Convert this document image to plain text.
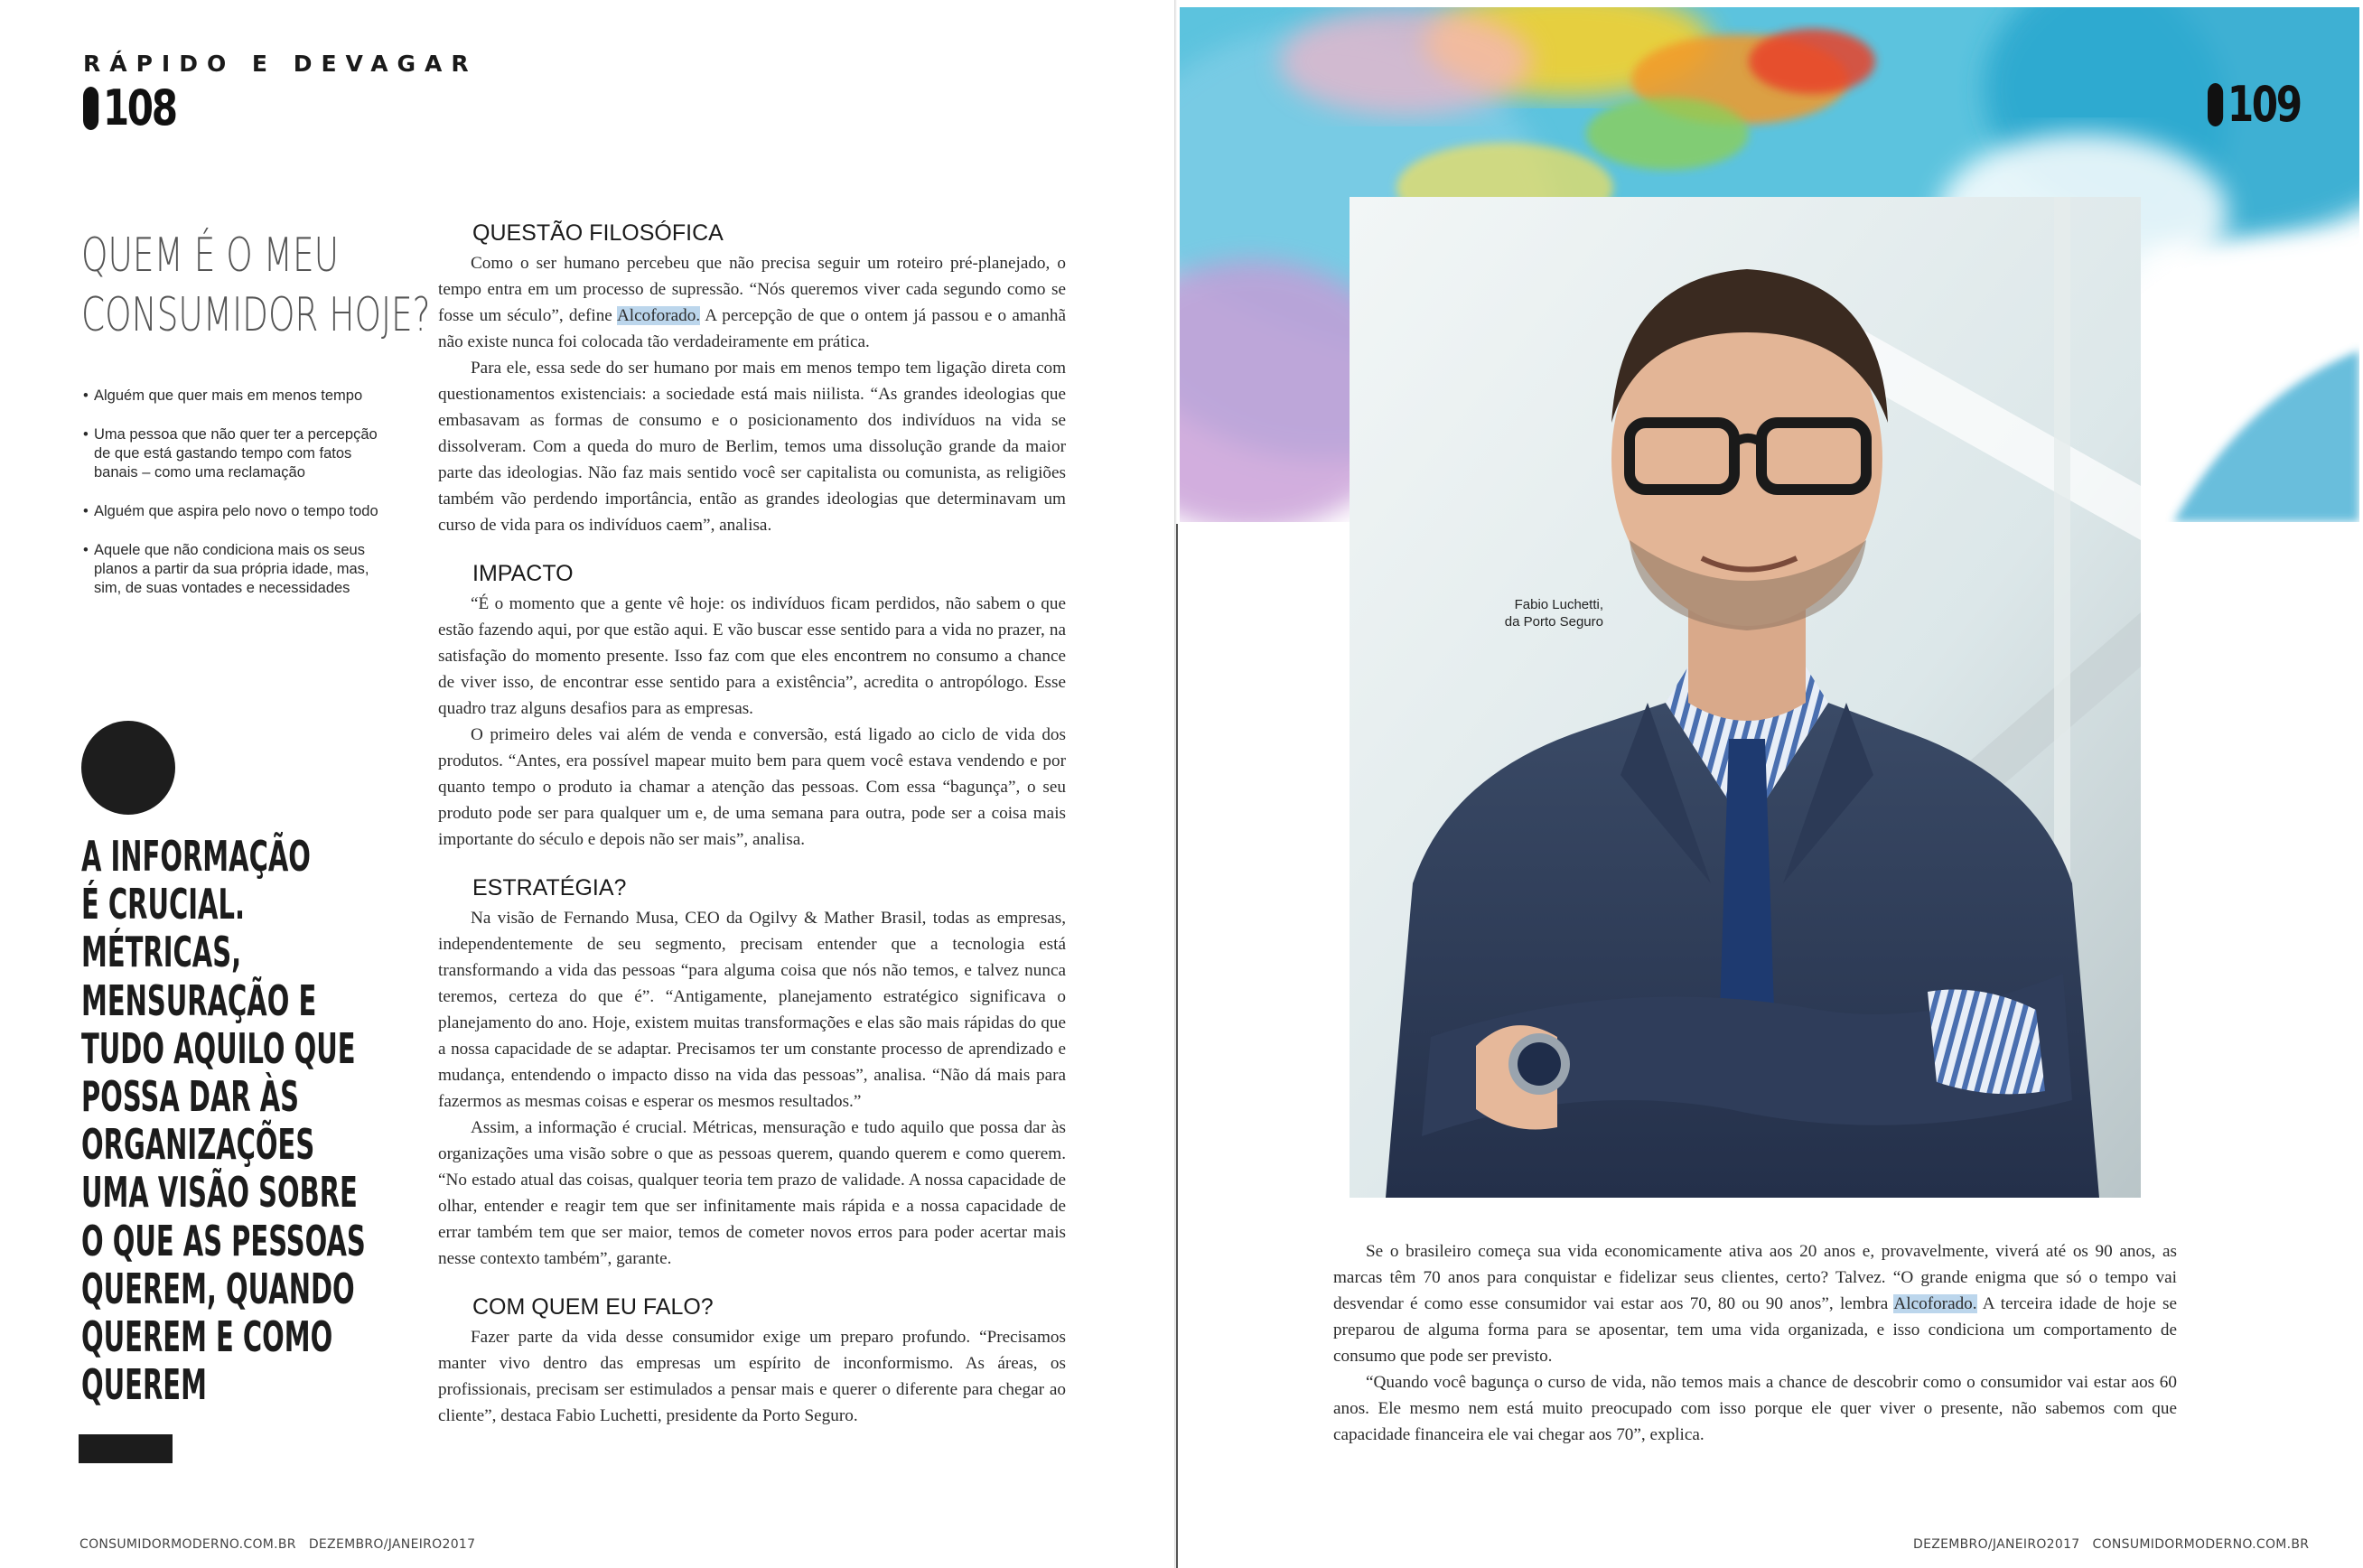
RÁPIDO E DEVAGAR
108
QUEM É O MEU
CONSUMIDOR HOJE?
• Alguém que quer mais em menos tempo
• Uma pessoa que não quer ter a percepção de que está gastando tempo com fatos banais – como uma reclamação
• Alguém que aspira pelo novo o tempo todo
• Aquele que não condiciona mais os seus planos a partir da sua própria idade, mas, sim, de suas vontades e necessidades
A INFORMAÇÃO
É CRUCIAL.
MÉTRICAS,
MENSURAÇÃO E
TUDO AQUILO QUE
POSSA DAR ÀS
ORGANIZAÇÕES
UMA VISÃO SOBRE
O QUE AS PESSOAS
QUEREM, QUANDO
QUEREM E COMO
QUEREM
QUESTÃO FILOSÓFICA

Como o ser humano percebeu que não precisa seguir um roteiro pré-planejado, o tempo entra em um processo de supressão. “Nós queremos viver cada segundo como se fosse um século”, define Alcoforado. A percepção de que o ontem já passou e o amanhã não existe nunca foi colocada tão verdadeiramente em prática.

Para ele, essa sede do ser humano por mais em menos tempo tem ligação direta com questionamentos existenciais: a sociedade está mais niilista. “As grandes ideologias que embasavam as formas de consumo e o posicionamento dos indivíduos na vida se dissolveram. Com a queda do muro de Berlim, temos uma dissolução grande da maior parte das ideologias. Não faz mais sentido você ser capitalista ou comunista, as religiões também vão perdendo importância, então as grandes ideologias que determinavam um curso de vida para os indivíduos caem”, analisa.

IMPACTO

“É o momento que a gente vê hoje: os indivíduos ficam perdidos, não sabem o que estão fazendo aqui, por que estão aqui. E vão buscar esse sentido para a vida no prazer, na satisfação do momento presente. Isso faz com que eles encontrem no consumo a chance de viver isso, de encontrar esse sentido para a existência”, acredita o antropólogo. Esse quadro traz alguns desafios para as empresas.

O primeiro deles vai além de venda e conversão, está ligado ao ciclo de vida dos produtos. “Antes, era possível mapear muito bem para quem você estava vendendo e por quanto tempo o produto ia chamar a atenção das pessoas. Com essa “bagunça”, o seu produto pode ser para qualquer um e, de uma semana para outra, pode ser a coisa mais importante do século e depois não ser mais”, analisa.

ESTRATÉGIA?

Na visão de Fernando Musa, CEO da Ogilvy & Mather Brasil, todas as empresas, independentemente de seu segmento, precisam entender que a tecnologia está transformando a vida das pessoas “para alguma coisa que nós não temos, e talvez nunca teremos, certeza do que é”. “Antigamente, planejamento estratégico significava o planejamento do ano. Hoje, existem muitas transformações e elas são mais rápidas do que a nossa capacidade de se adaptar. Precisamos ter um constante processo de aprendizado e mudança, entendendo o impacto disso na vida das pessoas”, analisa. “Não dá mais para fazermos as mesmas coisas e esperar os mesmos resultados.”

Assim, a informação é crucial. Métricas, mensuração e tudo aquilo que possa dar às organizações uma visão sobre o que as pessoas querem, quando querem e como querem. “No estado atual das coisas, qualquer teoria tem prazo de validade. A nossa capacidade de olhar, entender e reagir tem que ser infinitamente mais rápida e a nossa capacidade de errar também tem que ser maior, temos de cometer novos erros para poder acertar mais nesse contexto também”, garante.

COM QUEM EU FALO?

Fazer parte da vida desse consumidor exige um preparo profundo. “Precisamos manter vivo dentro das empresas um espírito de inconformismo. As áreas, os profissionais, precisam ser estimulados a pensar mais e querer o diferente para chegar ao cliente”, destaca Fabio Luchetti, presidente da Porto Seguro.

109
Fabio Luchetti,
da Porto Seguro

Se o brasileiro começa sua vida economicamente ativa aos 20 anos e, provavelmente, viverá até os 90 anos, as marcas têm 70 anos para conquistar e fidelizar seus clientes, certo? Talvez. “O grande enigma que só o tempo vai desvendar é como esse consumidor vai estar aos 70, 80 ou 90 anos”, lembra Alcoforado. A terceira idade de hoje se preparou de alguma forma para se aposentar, tem uma vida organizada, e isso condiciona um comportamento de consumo que pode ser previsto.

“Quando você bagunça o curso de vida, não temos mais a chance de descobrir como o consumidor vai estar aos 60 anos. Ele mesmo nem está muito preocupado com isso porque ele quer viver o presente, não sabemos com que capacidade financeira ele vai chegar aos 70”, explica.

CONSUMIDORMODERNO.COM.BR DEZEMBRO/JANEIRO2017	DEZEMBRO/JANEIRO2017 CONSUMIDORMODERNO.COM.BR
